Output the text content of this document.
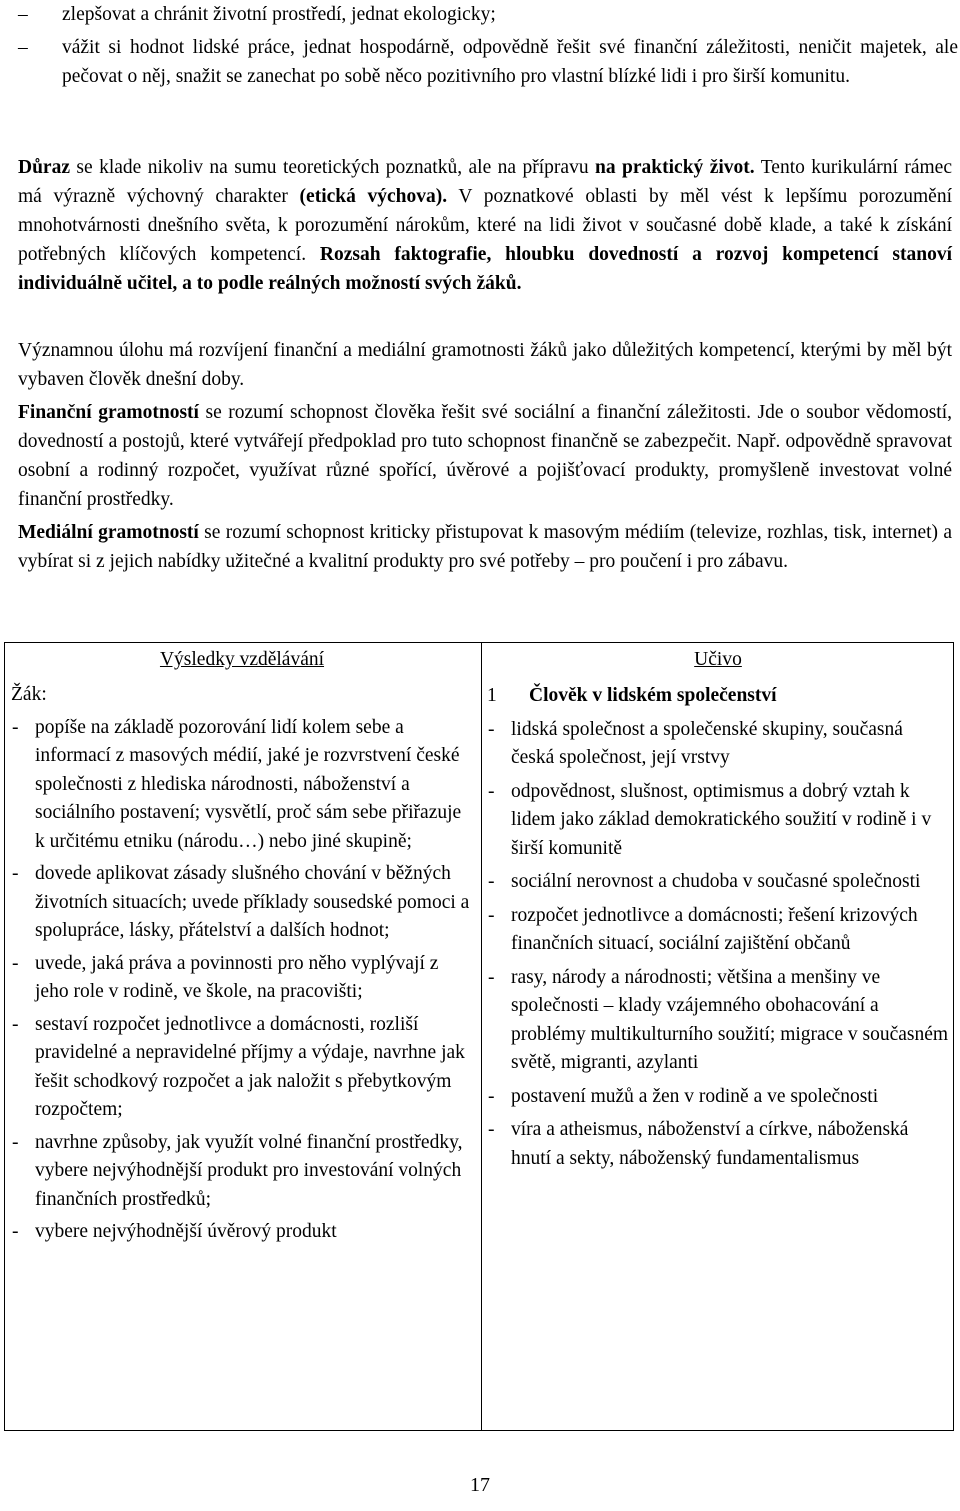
– zlepšovat a chránit životní prostředí, jednat ekologicky;
– vážit si hodnot lidské práce, jednat hospodárně, odpovědně řešit své finanční záležitosti, neničit majetek, ale pečovat o něj, snažit se zanechat po sobě něco pozitivního pro vlastní blízké lidi i pro širší komunitu.
Důraz se klade nikoliv na sumu teoretických poznatků, ale na přípravu na praktický život. Tento kurikulární rámec má výrazně výchovný charakter (etická výchova). V poznatkové oblasti by měl vést k lepšímu porozumění mnohotvárnosti dnešního světa, k porozumění nárokům, které na lidi život v současné době klade, a také k získání potřebných klíčových kompetencí. Rozsah faktografie, hloubku dovedností a rozvoj kompetencí stanoví individuálně učitel, a to podle reálných možností svých žáků.
Významnou úlohu má rozvíjení finanční a mediální gramotnosti žáků jako důležitých kompetencí, kterými by měl být vybaven člověk dnešní doby.
Finanční gramotností se rozumí schopnost člověka řešit své sociální a finanční záležitosti. Jde o soubor vědomostí, dovedností a postojů, které vytvářejí předpoklad pro tuto schopnost finančně se zabezpečit. Např. odpovědně spravovat osobní a rodinný rozpočet, využívat různé spořící, úvěrové a pojišťovací produkty, promyšleně investovat volné finanční prostředky.
Mediální gramotností se rozumí schopnost kriticky přistupovat k masovým médiím (televize, rozhlas, tisk, internet) a vybírat si z jejich nabídky užitečné a kvalitní produkty pro své potřeby – pro poučení i pro zábavu.
Výsledky vzdělávání
Žák:
- popíše na základě pozorování lidí kolem sebe a informací z masových médií, jaké je rozvrstvení české společnosti z hlediska národnosti, náboženství a sociálního postavení; vysvětlí, proč sám sebe přiřazuje k určitému etniku (národu…) nebo jiné skupině;
- dovede aplikovat zásady slušného chování v běžných životních situacích; uvede příklady sousedské pomoci a spolupráce, lásky, přátelství a dalších hodnot;
- uvede, jaká práva a povinnosti pro něho vyplývají z jeho role v rodině, ve škole, na pracovišti;
- sestaví rozpočet jednotlivce a domácnosti, rozliší pravidelné a nepravidelné příjmy a výdaje, navrhne jak řešit schodkový rozpočet a jak naložit s přebytkovým rozpočtem;
- navrhne způsoby, jak využít volné finanční prostředky, vybere nejvýhodnější produkt pro investování volných finančních prostředků;
- vybere nejvýhodnější úvěrový produkt
Učivo
1 Člověk v lidském společenství
- lidská společnost a společenské skupiny, současná česká společnost, její vrstvy
- odpovědnost, slušnost, optimismus a dobrý vztah k lidem jako základ demokratického soužití v rodině i v širší komunitě
- sociální nerovnost a chudoba v současné společnosti
- rozpočet jednotlivce a domácnosti; řešení krizových finančních situací, sociální zajištění občanů
- rasy, národy a národnosti; většina a menšiny ve společnosti – klady vzájemného obohacování a problémy multikulturního soužití; migrace v současném světě, migranti, azylanti
- postavení mužů a žen v rodině a ve společnosti
- víra a atheismus, náboženství a církve, náboženská hnutí a sekty, náboženský fundamentalismus
17
